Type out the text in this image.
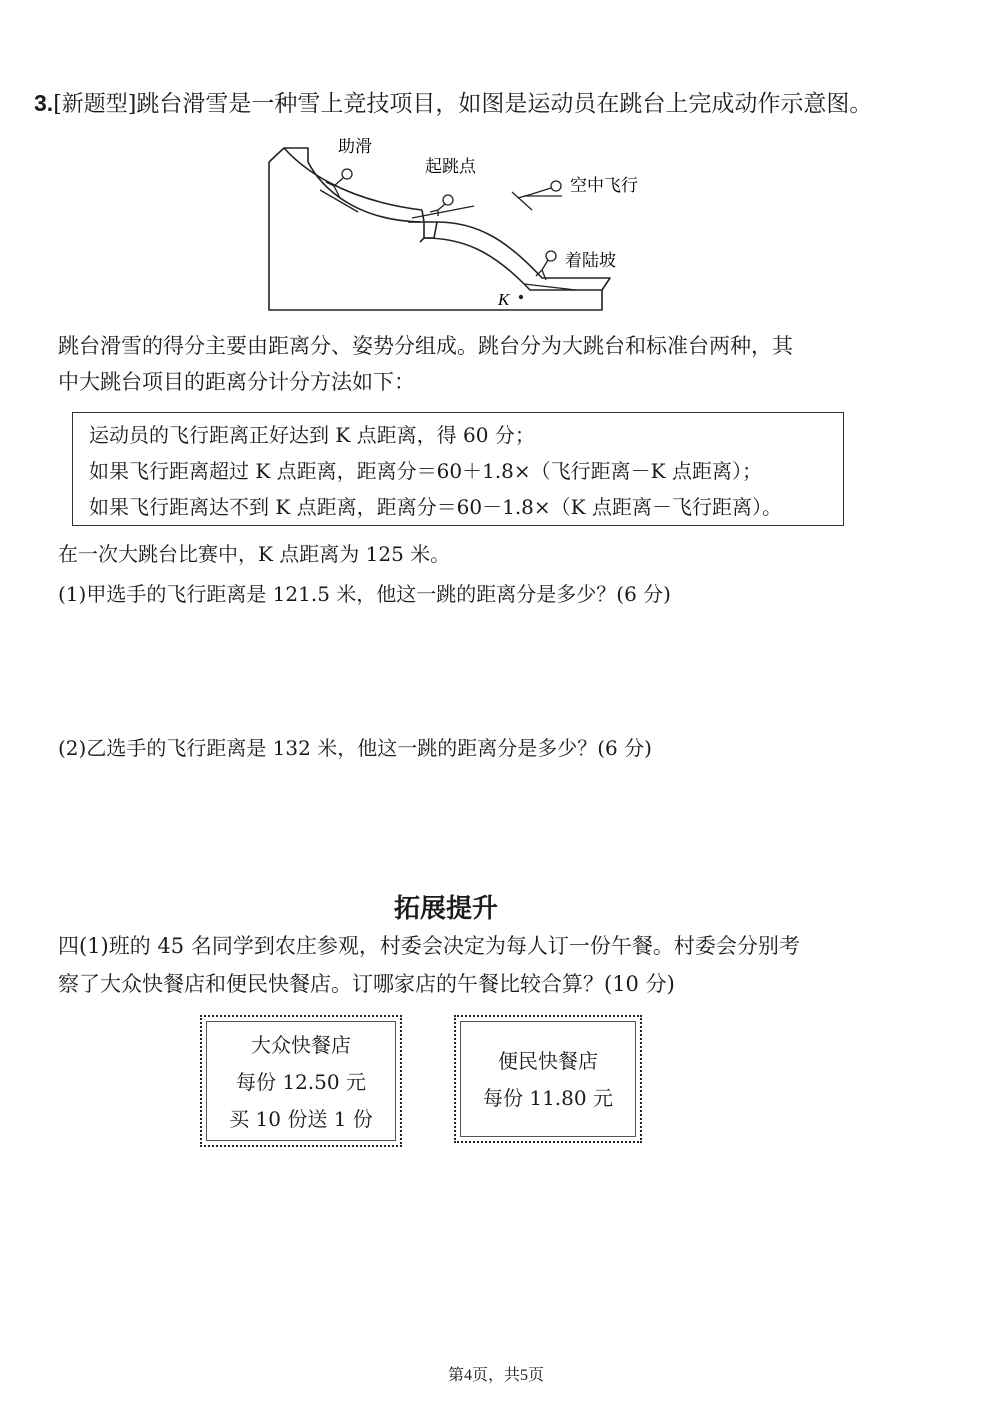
3.[新题型]跳台滑雪是一种雪上竞技项目，如图是运动员在跳台上完成动作示意图。
K
助滑
起跳点
空中飞行
着陆坡
跳台滑雪的得分主要由距离分、姿势分组成。跳台分为大跳台和标准台两种，其
中大跳台项目的距离分计分方法如下：
运动员的飞行距离正好达到 K 点距离，得 60 分；
如果飞行距离超过 K 点距离，距离分＝60＋1.8×（飞行距离－K 点距离）；
如果飞行距离达不到 K 点距离，距离分＝60－1.8×（K 点距离－飞行距离）。
在一次大跳台比赛中，K 点距离为 125 米。
(1)甲选手的飞行距离是 121.5 米，他这一跳的距离分是多少？(6 分)
(2)乙选手的飞行距离是 132 米，他这一跳的距离分是多少？(6 分)
拓展提升
四(1)班的 45 名同学到农庄参观，村委会决定为每人订一份午餐。村委会分别考
察了大众快餐店和便民快餐店。订哪家店的午餐比较合算？(10 分)
大众快餐店
每份 12.50 元
买 10 份送 1 份
便民快餐店
每份 11.80 元
第4页，共5页
